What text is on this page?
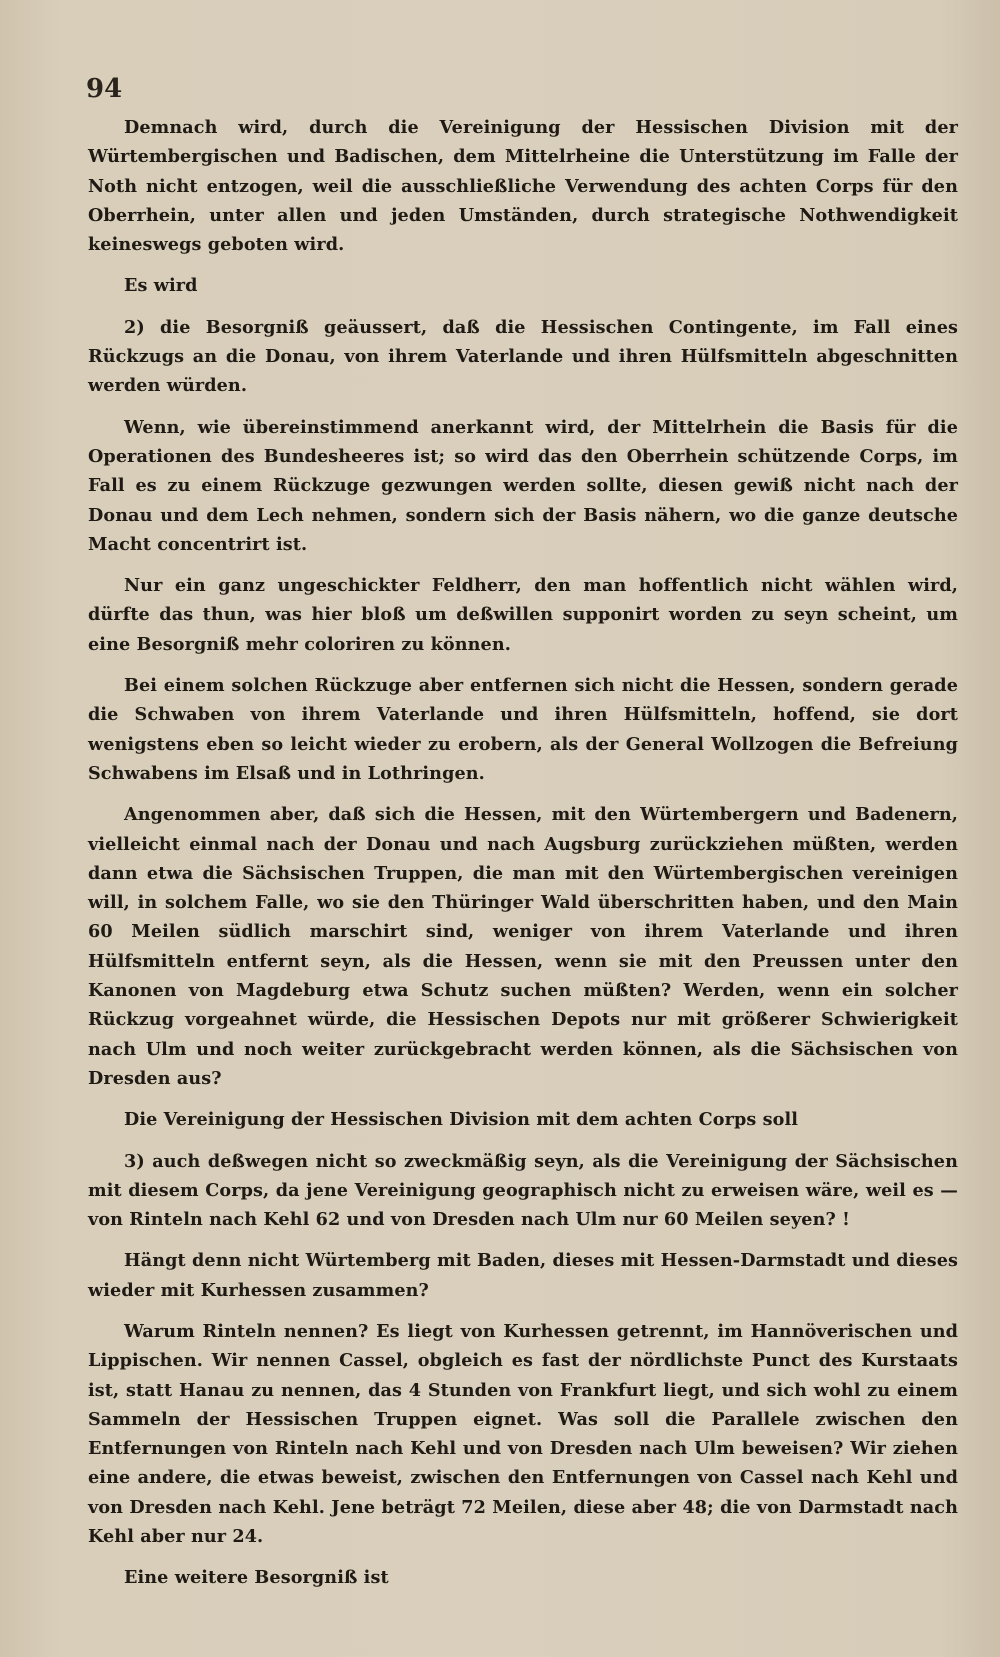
94

Demnach wird, durch die Vereinigung der Hessischen Division mit der Würtembergischen und Badischen, dem Mittelrheine die Unterstützung im Falle der Noth nicht entzogen, weil die ausschließliche Verwendung des achten Corps für den Oberrhein, unter allen und jeden Umständen, durch strategische Nothwendigkeit keineswegs geboten wird.

Es wird

2) die Besorgniß geäussert, daß die Hessischen Contingente, im Fall eines Rückzugs an die Donau, von ihrem Vaterlande und ihren Hülfsmitteln abgeschnitten werden würden.

Wenn, wie übereinstimmend anerkannt wird, der Mittelrhein die Basis für die Operationen des Bundesheeres ist; so wird das den Oberrhein schützende Corps, im Fall es zu einem Rückzuge gezwungen werden sollte, diesen gewiß nicht nach der Donau und dem Lech nehmen, sondern sich der Basis nähern, wo die ganze deutsche Macht concentrirt ist.

Nur ein ganz ungeschickter Feldherr, den man hoffentlich nicht wählen wird, dürfte das thun, was hier bloß um deßwillen supponirt worden zu seyn scheint, um eine Besorgniß mehr coloriren zu können.

Bei einem solchen Rückzuge aber entfernen sich nicht die Hessen, sondern gerade die Schwaben von ihrem Vaterlande und ihren Hülfsmitteln, hoffend, sie dort wenigstens eben so leicht wieder zu erobern, als der General Wollzogen die Befreiung Schwabens im Elsaß und in Lothringen.

Angenommen aber, daß sich die Hessen, mit den Würtembergern und Badenern, vielleicht einmal nach der Donau und nach Augsburg zurückziehen müßten, werden dann etwa die Sächsischen Truppen, die man mit den Würtembergischen vereinigen will, in solchem Falle, wo sie den Thüringer Wald überschritten haben, und den Main 60 Meilen südlich marschirt sind, weniger von ihrem Vaterlande und ihren Hülfsmitteln entfernt seyn, als die Hessen, wenn sie mit den Preussen unter den Kanonen von Magdeburg etwa Schutz suchen müßten? Werden, wenn ein solcher Rückzug vorgeahnet würde, die Hessischen Depots nur mit größerer Schwierigkeit nach Ulm und noch weiter zurückgebracht werden können, als die Sächsischen von Dresden aus?

Die Vereinigung der Hessischen Division mit dem achten Corps soll

3) auch deßwegen nicht so zweckmäßig seyn, als die Vereinigung der Sächsischen mit diesem Corps, da jene Vereinigung geographisch nicht zu erweisen wäre, weil es — von Rinteln nach Kehl 62 und von Dresden nach Ulm nur 60 Meilen seyen? !

Hängt denn nicht Würtemberg mit Baden, dieses mit Hessen-Darmstadt und dieses wieder mit Kurhessen zusammen?

Warum Rinteln nennen? Es liegt von Kurhessen getrennt, im Hannöverischen und Lippischen. Wir nennen Cassel, obgleich es fast der nördlichste Punct des Kurstaats ist, statt Hanau zu nennen, das 4 Stunden von Frankfurt liegt, und sich wohl zu einem Sammeln der Hessischen Truppen eignet. Was soll die Parallele zwischen den Entfernungen von Rinteln nach Kehl und von Dresden nach Ulm beweisen? Wir ziehen eine andere, die etwas beweist, zwischen den Entfernungen von Cassel nach Kehl und von Dresden nach Kehl. Jene beträgt 72 Meilen, diese aber 48; die von Darmstadt nach Kehl aber nur 24.

Eine weitere Besorgniß ist
